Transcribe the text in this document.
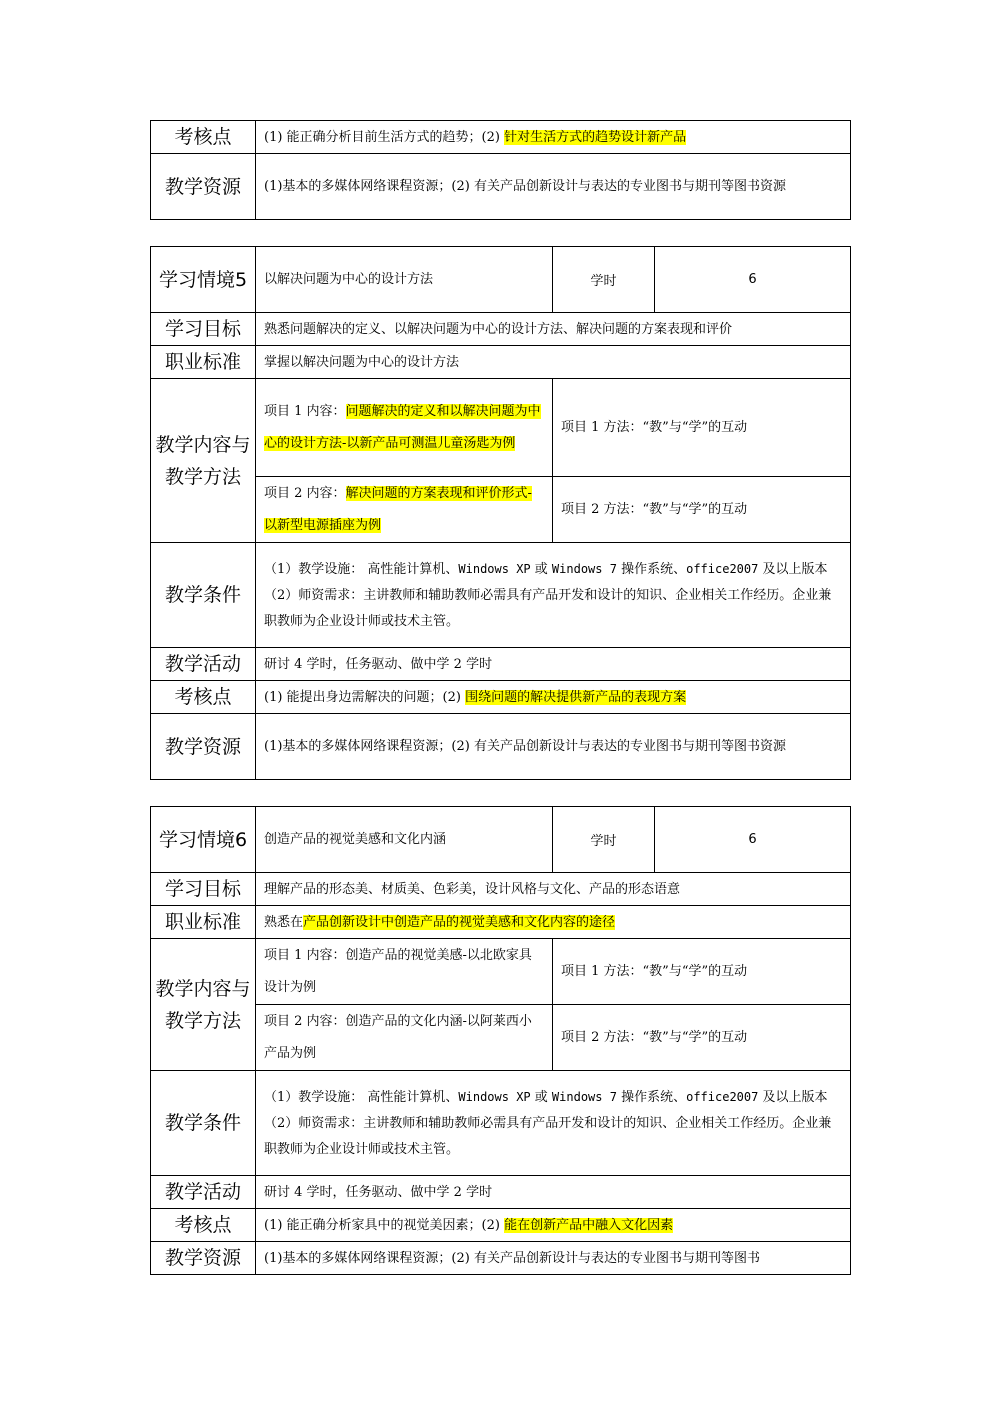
考核点	(1) 能正确分析目前生活方式的趋势；(2) 针对生活方式的趋势设计新产品
教学资源	(1)基本的多媒体网络课程资源；(2) 有关产品创新设计与表达的专业图书与期刊等图书资源
学习情境5	以解决问题为中心的设计方法	学时	6
学习目标	熟悉问题解决的定义、以解决问题为中心的设计方法、解决问题的方案表现和评价		
职业标准	掌握以解决问题为中心的设计方法		
教学内容与教学方法	项目 1 内容：问题解决的定义和以解决问题为中心的设计方法-以新产品可测温儿童汤匙为例	项目 1 方法：“教”与“学”的互动	
	项目 2 内容：解决问题的方案表现和评价形式-以新型电源插座为例	项目 2 方法：“教”与“学”的互动	
教学条件	（1）教学设施： 高性能计算机、Windows XP 或 Windows 7 操作系统、office2007 及以上版本
（2）师资需求：主讲教师和辅助教师必需具有产品开发和设计的知识、企业相关工作经历。企业兼职教师为企业设计师或技术主管。		

教学活动	研讨 4 学时，任务驱动、做中学 2 学时		
考核点	(1) 能提出身边需解决的问题；(2) 围绕问题的解决提供新产品的表现方案		
教学资源	(1)基本的多媒体网络课程资源；(2) 有关产品创新设计与表达的专业图书与期刊等图书资源		
学习情境6	创造产品的视觉美感和文化内涵	学时	6
学习目标	理解产品的形态美、材质美、色彩美，设计风格与文化、产品的形态语意		
职业标准	熟悉在产品创新设计中创造产品的视觉美感和文化内容的途径		
教学内容与教学方法	项目 1 内容：创造产品的视觉美感-以北欧家具设计为例	项目 1 方法：“教”与“学”的互动	
	项目 2 内容：创造产品的文化内涵-以阿莱西小产品为例	项目 2 方法：“教”与“学”的互动	
教学条件	（1）教学设施： 高性能计算机、Windows XP 或 Windows 7 操作系统、office2007 及以上版本
（2）师资需求：主讲教师和辅助教师必需具有产品开发和设计的知识、企业相关工作经历。企业兼职教师为企业设计师或技术主管。		

教学活动	研讨 4 学时，任务驱动、做中学 2 学时		
考核点	(1) 能正确分析家具中的视觉美因素；(2) 能在创新产品中融入文化因素		
教学资源	(1)基本的多媒体网络课程资源；(2) 有关产品创新设计与表达的专业图书与期刊等图书		
